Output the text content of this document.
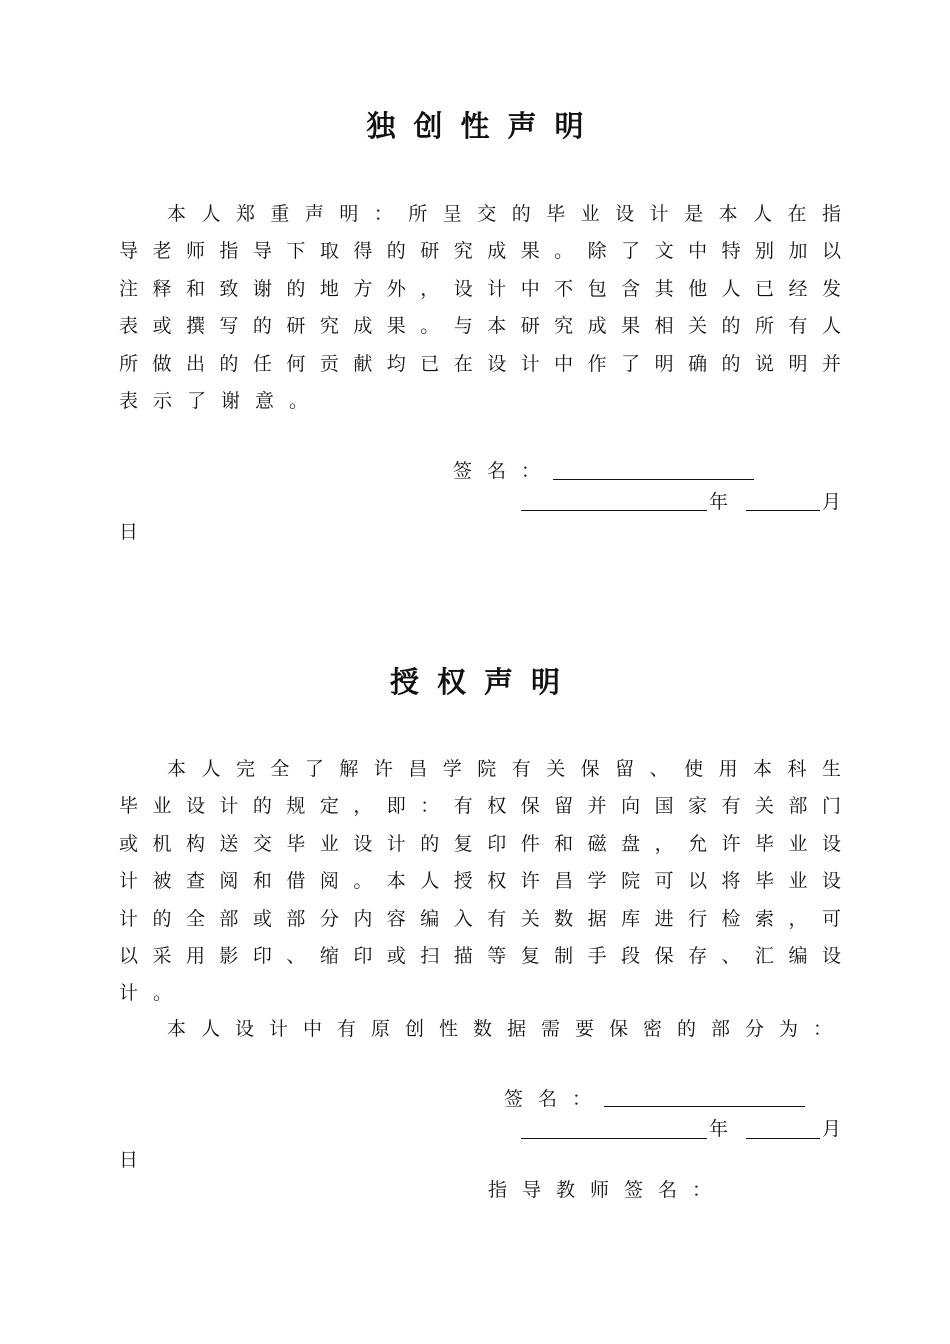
独创性声明
本人郑重声明：所呈交的毕业设计是本人在指
导老师指导下取得的研究成果。除了文中特别加以
注释和致谢的地方外，设计中不包含其他人已经发
表或撰写的研究成果。与本研究成果相关的所有人
所做出的任何贡献均已在设计中作了明确的说明并
表示了谢意。
签名：
年	月
日
授权声明
本人完全了解许昌学院有关保留、使用本科生
毕业设计的规定，即：有权保留并向国家有关部门
或机构送交毕业设计的复印件和磁盘，允许毕业设
计被查阅和借阅。本人授权许昌学院可以将毕业设
计的全部或部分内容编入有关数据库进行检索，可
以采用影印、缩印或扫描等复制手段保存、汇编设
计。
本人设计中有原创性数据需要保密的部分为：
签名：
年	月
日
指导教师签名：
